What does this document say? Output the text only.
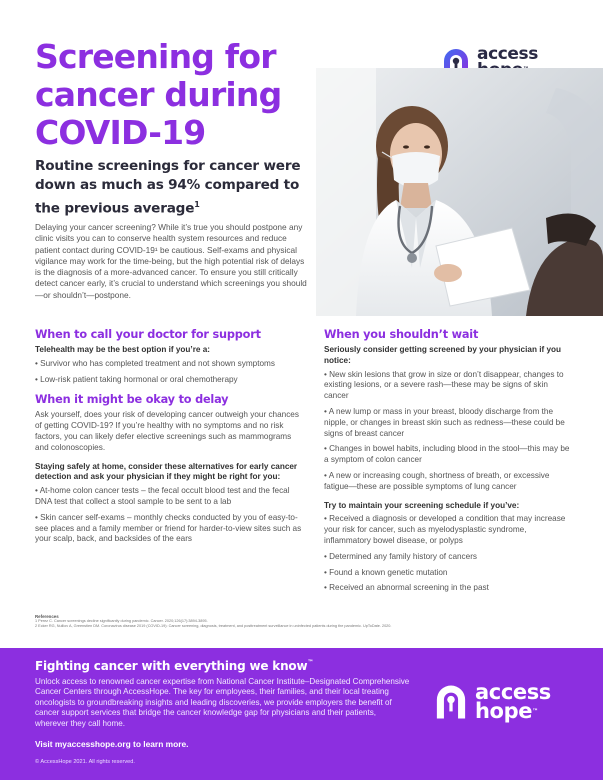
Screening for cancer during COVID-19
access
Routine screenings for cancer were down as much as 94% compared to the previous average$^1$

Delaying your cancer screening? While it’s true you should postpone any clinic visits you can to conserve health system resources and reduce patient contact during COVID-19¹ be cautious. Self-exams and physical vigilance may work for the time-being, but the high potential risk of delays is the diagnosis of a more-advanced cancer. To ensure you still critically detect cancer early, it’s crucial to understand which screenings you should—or shouldn’t—postpone.

When to call your doctor for support

Telehealth may be the best option if you’re a:

• Survivor who has completed treatment and not shown symptoms
• Low-risk patient taking hormonal or oral chemotherapy
When it might be okay to delay

Ask yourself, does your risk of developing cancer outweigh your chances of getting COVID-19? If you’re healthy with no symptoms and no risk factors, you can likely defer elective screenings such as mammograms and colonoscopies.

Staying safely at home, consider these alternatives for early cancer detection and ask your physician if they might be right for you:

• At-home colon cancer tests – the fecal occult blood test and the fecal DNA test that collect a stool sample to be sent to a lab
• Skin cancer self-exams – monthly checks conducted by you of easy-to-see places and a family member or friend for harder-to-view sites such as your scalp, back, and backsides of the ears
When you shouldn’t wait

Seriously consider getting screened by your physician if you notice:

• New skin lesions that grow in size or don’t disappear, changes to existing lesions, or a severe rash—these may be signs of skin cancer
• A new lump or mass in your breast, bloody discharge from the nipple, or changes in breast skin such as redness—these could be signs of breast cancer
• Changes in bowel habits, including blood in the stool—this may be a symptom of colon cancer
• A new or increasing cough, shortness of breath, or excessive fatigue—these are possible symptoms of lung cancer

Try to maintain your screening schedule if you’ve:

• Received a diagnosis or developed a condition that may increase your risk for cancer, such as myelodysplastic syndrome, inflammatory bowel disease, or polyps
• Determined any family history of cancers
• Found a known genetic mutation
• Received an abnormal screening in the past
References
1 Perez C. Cancer screenings decline significantly during pandemic. Cancer. 2020;126(17):3894-3895.
2 Ecker RG, Nulliov A, Greenstien DM. Coronavirus disease 2019 (COVID-19): Cancer screening, diagnosis, treatment, and posttreatment surveillance in uninfected patients during the pandemic. UpToDate. 2020.
Fighting cancer with everything we know™

Unlock access to renowned cancer expertise from National Cancer Institute–Designated Comprehensive Cancer Centers through AccessHope. The key for employees, their families, and their local treating oncologists to groundbreaking insights and leading discoveries, we provide employers the benefit of cancer support services that bridge the cancer knowledge gap for physicians and their patients, wherever they call home.

Visit myaccesshope.org to learn more.
© AccessHope 2021. All rights reserved.
access
hope™
